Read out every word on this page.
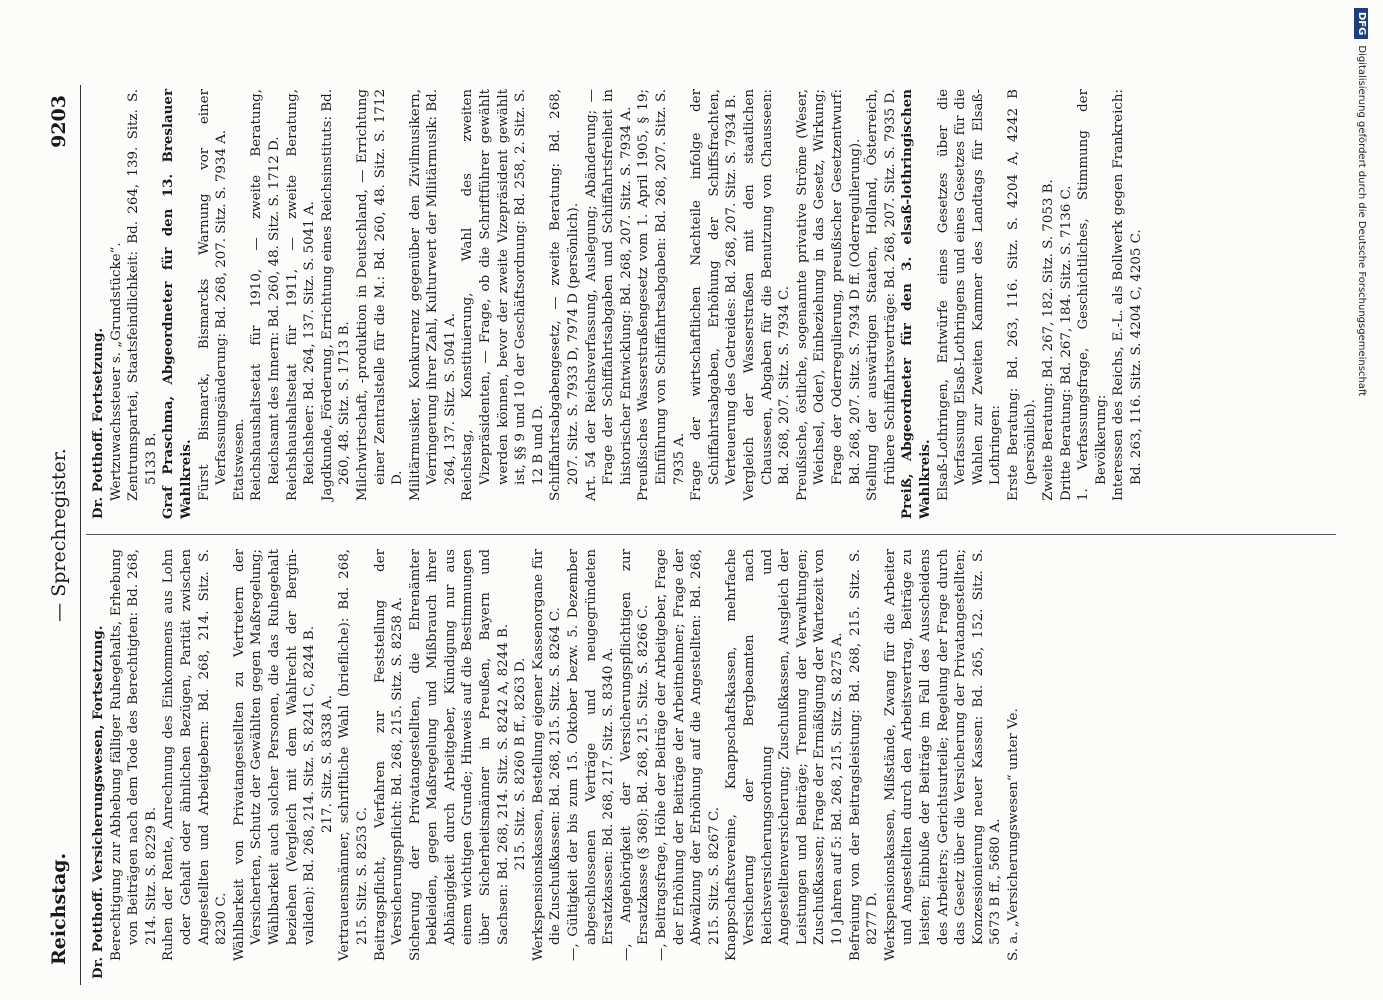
Reichstag.
— Sprechregister.
9203

Dr. Potthoff. Versicherungswesen, Fortsetzung. Berechtigung zur Abhebung fälliger Ruhegehalts, Erhebung von Beiträgen nach dem Tode des Berechtigten: Bd. 268, 214. Sitz. S. 8229 B. Ruhen der Rente, Anrechnung des Einkommens aus Lohn oder Gehalt oder ähnlichen Bezügen, Parität zwischen Angestellten und Arbeitgebern: Bd. 268, 214. Sitz. S. 8230 C. Wählbarkeit von Privatangestellten zu Vertretern der Versicherten, Schutz der Gewählten gegen Maßregelung; Wählbarkeit auch solcher Personen, die das Ruhegehalt beziehen (Vergleich mit dem Wahlrecht der Berginvaliden): Bd. 268, 214. Sitz. S. 8241 C, 8244 B. 217. Sitz. S. 8338 A. Vertrauensmänner, schriftliche Wahl (briefliche): Bd. 268, 215. Sitz. S. 8253 C. Beitragspflicht, Verfahren zur Feststellung der Versicherungspflicht: Bd. 268, 215. Sitz. S. 8258 A. Sicherung der Privatangestellten, die Ehrenämter bekleiden, gegen Maßregelung und Mißbrauch ihrer Abhängigkeit durch Arbeitgeber, Kündigung nur aus einem wichtigen Grunde; Hinweis auf die Bestimmungen über Sicherheitsmänner in Preußen, Bayern und Sachsen: Bd. 268, 214. Sitz. S. 8242 A, 8244 B. 215. Sitz. S. 8260 B ff., 8263 D. Werkspensionskassen, Bestellung eigener Kassenorgane für die Zuschußkassen: Bd. 268, 215. Sitz. S. 8264 C. —, Gültigkeit der bis zum 15. Oktober bezw. 5. Dezember abgeschlossenen Verträge und neugegründeten Ersatzkassen: Bd. 268, 217. Sitz. S. 8340 A. —, Angehörigkeit der Versicherungspflichtigen zur Ersatzkasse (§ 368): Bd. 268, 215. Sitz. S. 8266 C. —, Beitragsfrage, Höhe der Beiträge der Arbeitgeber, Frage der Erhöhung der Beiträge der Arbeitnehmer; Frage der Abwälzung der Erhöhung auf die Angestellten: Bd. 268, 215. Sitz. S. 8267 C. Knappschaftsvereine, Knappschaftskassen, mehrfache Versicherung der Bergbeamten nach Reichsversicherungsordnung und Angestelltenversicherung; Zuschußkassen, Ausgleich der Leistungen und Beiträge; Trennung der Verwaltungen; Zuschußkassen; Frage der Ermäßigung der Wartezeit von 10 Jahren auf 5: Bd. 268, 215. Sitz. S. 8275 A. Befreiung von der Beitragsleistung: Bd. 268, 215. Sitz. S. 8277 D. Werkspensionskassen, Mißstände, Zwang für die Arbeiter und Angestellten durch den Arbeitsvertrag, Beiträge zu leisten; Einbuße der Beiträge im Fall des Ausscheidens des Arbeiters; Gerichtsurteile; Regelung der Frage durch das Gesetz über die Versicherung der Privatangestellten; Konzessionierung neuer Kassen: Bd. 265, 152. Sitz. S. 5673 B ff., 5680 A. S. a. „Versicherungswesen“ unter Ve.

Dr. Potthoff. Fortsetzung. Wertzuwachssteuer s. „Grundstücke“. Zentrumspartei, Staatsfeindlichkeit: Bd. 264, 139. Sitz. S. 5133 B. Graf Praschma, Abgeordneter für den 13. Breslauer Wahlkreis. Fürst Bismarck, Bismarcks Warnung vor einer Verfassungsänderung: Bd. 268, 207. Sitz. S. 7934 A. Etatswesen. Reichshaushaltsetat für 1910, — zweite Beratung, Reichsamt des Innern: Bd. 260, 48. Sitz. S. 1712 D. Reichshaushaltsetat für 1911, — zweite Beratung, Reichsheer: Bd. 264, 137. Sitz. S. 5041 A. Jagdkunde, Förderung, Errichtung eines Reichsinstituts: Bd. 260, 48. Sitz. S. 1713 B. Milchwirtschaft, -produktion in Deutschland, — Errichtung einer Zentralstelle für die M.: Bd. 260, 48. Sitz. S. 1712 D. Militärmusiker, Konkurrenz gegenüber den Zivilmusikern, Verringerung ihrer Zahl, Kulturwert der Militärmusik: Bd. 264, 137. Sitz. S. 5041 A. Reichstag, Konstituierung, Wahl des zweiten Vizepräsidenten, — Frage, ob die Schriftführer gewählt werden können, bevor der zweite Vizepräsident gewählt ist, §§ 9 und 10 der Geschäftsordnung: Bd. 258, 2. Sitz. S. 12 B und D. Schiffahrtsabgabengesetz, — zweite Beratung: Bd. 268, 207. Sitz. S. 7933 D, 7974 D (persönlich). Art. 54 der Reichsverfassung, Auslegung; Abänderung; — Frage der Schiffahrtsabgaben und Schiffahrtsfreiheit in historischer Entwicklung: Bd. 268, 207. Sitz. S. 7934 A. Preußisches Wasserstraßengesetz vom 1. April 1905, § 19; Einführung von Schiffahrtsabgaben: Bd. 268, 207. Sitz. S. 7935 A. Frage der wirtschaftlichen Nachteile infolge der Schiffahrtsabgaben, Erhöhung der Schiffsfrachten, Verteuerung des Getreides: Bd. 268, 207. Sitz. S. 7934 B. Vergleich der Wasserstraßen mit den staatlichen Chausseen, Abgaben für die Benutzung von Chausseen: Bd. 268, 207. Sitz. S. 7934 C. Preußische, östliche, sogenannte privative Ströme (Weser, Weichsel, Oder), Einbeziehung in das Gesetz, Wirkung; Frage der Oderregulierung, preußischer Gesetzentwurf: Bd. 268, 207. Sitz. S. 7934 D ff. (Oderregulierung). Stellung der auswärtigen Staaten, Holland, Österreich, frühere Schiffahrtsverträge: Bd. 268, 207. Sitz. S. 7935 D. Preiß, Abgeordneter für den 3. elsaß-lothringischen Wahlkreis. Elsaß-Lothringen, Entwürfe eines Gesetzes über die Verfassung Elsaß-Lothringens und eines Gesetzes für die Wahlen zur Zweiten Kammer des Landtags für Elsaß-Lothringen: Erste Beratung: Bd. 263, 116. Sitz. S. 4204 A, 4242 B (persönlich). Zweite Beratung: Bd. 267, 182. Sitz. S. 7053 B. Dritte Beratung: Bd. 267, 184. Sitz. S. 7136 C. 1. Verfassungsfrage, Geschichtliches, Stimmung der Bevölkerung: Interessen des Reichs, E.-L. als Bollwerk gegen Frankreich: Bd. 263, 116. Sitz. S. 4204 C, 4205 C.

DFGDigitalisierung gefördert durch die Deutsche Forschungsgemeinschaft
